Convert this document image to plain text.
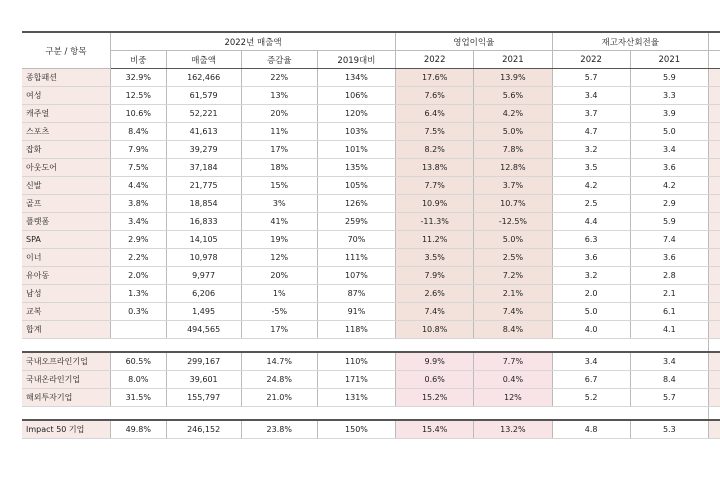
구분 / 항목	2022년 매출액				영업이익율		재고자산회전율		
	비중	매출액	증감율	2019대비	2022	2021	2022	2021	
종합패션	32.9%	162,466	22%	134%	17.6%	13.9%	5.7	5.9	
여성	12.5%	61,579	13%	106%	7.6%	5.6%	3.4	3.3	
캐주얼	10.6%	52,221	20%	120%	6.4%	4.2%	3.7	3.9	
스포츠	8.4%	41,613	11%	103%	7.5%	5.0%	4.7	5.0	
잡화	7.9%	39,279	17%	101%	8.2%	7.8%	3.2	3.4	
아웃도어	7.5%	37,184	18%	135%	13.8%	12.8%	3.5	3.6	
신발	4.4%	21,775	15%	105%	7.7%	3.7%	4.2	4.2	
골프	3.8%	18,854	3%	126%	10.9%	10.7%	2.5	2.9	
플랫폼	3.4%	16,833	41%	259%	-11.3%	-12.5%	4.4	5.9	
SPA	2.9%	14,105	19%	70%	11.2%	5.0%	6.3	7.4	
이너	2.2%	10,978	12%	111%	3.5%	2.5%	3.6	3.6	
유아동	2.0%	9,977	20%	107%	7.9%	7.2%	3.2	2.8	
남성	1.3%	6,206	1%	87%	2.6%	2.1%	2.0	2.1	
교복	0.3%	1,495	-5%	91%	7.4%	7.4%	5.0	6.1	
합계		494,565	17%	118%	10.8%	8.4%	4.0	4.1	

국내오프라인기업	60.5%	299,167	14.7%	110%	9.9%	7.7%	3.4	3.4	
국내온라인기업	8.0%	39,601	24.8%	171%	0.6%	0.4%	6.7	8.4	
해외투자기업	31.5%	155,797	21.0%	131%	15.2%	12%	5.2	5.7	

Impact 50 기업	49.8%	246,152	23.8%	150%	15.4%	13.2%	4.8	5.3	
